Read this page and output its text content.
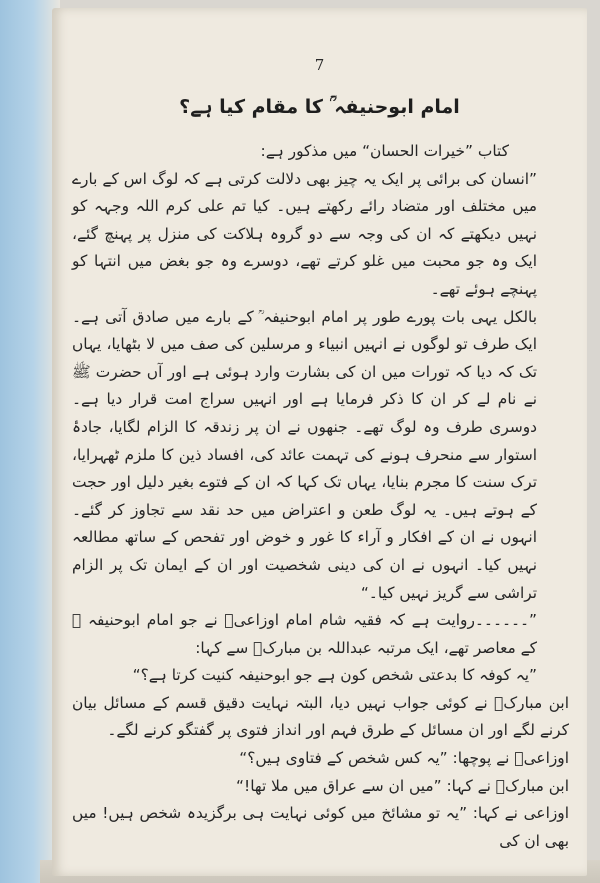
7
امام ابوحنیفہ ؒ کا مقام کیا ہے؟

کتاب ”خیرات الحسان“ میں مذکور ہے:

”انسان کی برائی پر ایک یہ چیز بھی دلالت کرتی ہے کہ لوگ اس کے بارے میں مختلف اور متضاد رائے رکھتے ہیں۔ کیا تم علی کرم اللہ وجہہ کو نہیں دیکھتے کہ ان کی وجہ سے دو گروہ ہلاکت کی منزل پر پہنچ گئے، ایک وہ جو محبت میں غلو کرتے تھے، دوسرے وہ جو بغض میں انتہا کو پہنچے ہوئے تھے۔

بالکل یہی بات پورے طور پر امام ابوحنیفہ ؒ کے بارے میں صادق آتی ہے۔ ایک طرف تو لوگوں نے انہیں انبیاء و مرسلین کی صف میں لا بٹھایا، یہاں تک کہ دیا کہ تورات میں ان کی بشارت وارد ہوئی ہے اور آں حضرت ﷺ نے نام لے کر ان کا ذکر فرمایا ہے اور انہیں سراج امت قرار دیا ہے۔ دوسری طرف وہ لوگ تھے۔ جنھوں نے ان پر زندقہ کا الزام لگایا، جادۂ استوار سے منحرف ہونے کی تہمت عائد کی، افساد ذین کا ملزم ٹھہرایا، ترک سنت کا مجرم بنایا، یہاں تک کہا کہ ان کے فتوے بغیر دلیل اور حجت کے ہوتے ہیں۔ یہ لوگ طعن و اعتراض میں حد نقد سے تجاوز کر گئے۔ انہوں نے ان کے افکار و آراء کا غور و خوض اور تفحص کے ساتھ مطالعہ نہیں کیا۔ انہوں نے ان کی دینی شخصیت اور ان کے ایمان تک پر الزام تراشی سے گریز نہیں کیا۔“

”۔۔۔۔۔۔روایت ہے کہ فقیہ شام امام اوزاعیؒ نے جو امام ابوحنیفہ ؒ کے معاصر تھے، ایک مرتبہ عبداللہ بن مبارکؒ سے کہا:

”یہ کوفہ کا بدعتی شخص کون ہے جو ابوحنیفہ کنیت کرتا ہے؟“

ابن مبارکؒ نے کوئی جواب نہیں دیا، البتہ نہایت دقیق قسم کے مسائل بیان کرنے لگے اور ان مسائل کے طرق فہم اور انداز فتوی پر گفتگو کرنے لگے۔

اوزاعیؒ نے پوچھا: ”یہ کس شخص کے فتاوی ہیں؟“

ابن مبارکؒ نے کہا: ”میں ان سے عراق میں ملا تھا!“

اوزاعی نے کہا: ”یہ تو مشائخ میں کوئی نہایت ہی برگزیدہ شخص ہیں! میں بھی ان کی
